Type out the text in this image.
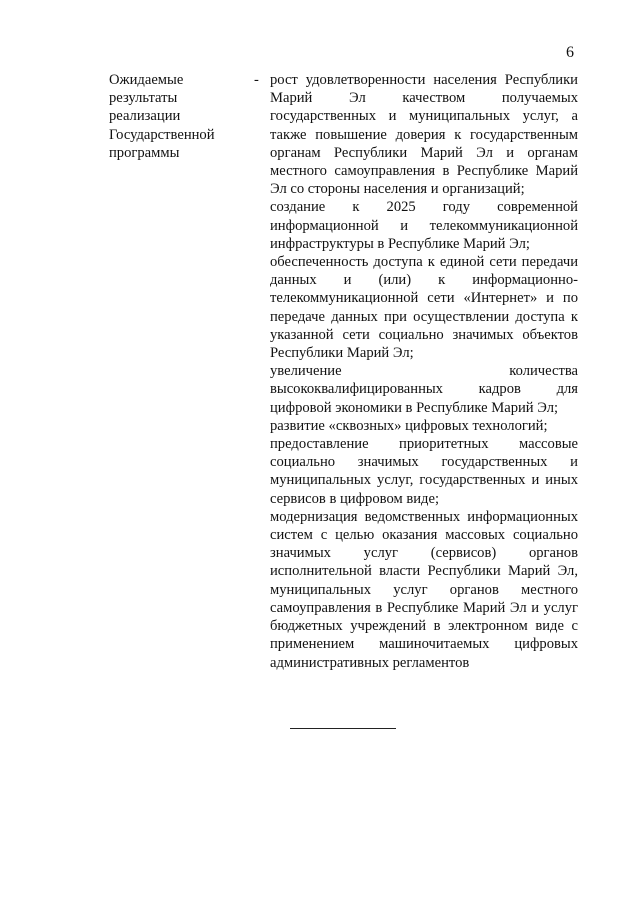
6
Ожидаемые
результаты
реализации
Государственной
программы
- рост удовлетворенности населения Республики Марий Эл качеством получаемых государственных и муниципальных услуг, а также повышение доверия к государственным органам Республики Марий Эл и органам местного самоуправления в Республике Марий Эл со стороны населения и организаций;

создание к 2025 году современной информационной и телекоммуникационной инфраструктуры в Республике Марий Эл;

обеспеченность доступа к единой сети передачи данных и (или) к информационно-телекоммуникационной сети «Интернет» и по передаче данных при осуществлении доступа к указанной сети социально значимых объектов Республики Марий Эл;

увеличение количества высококвалифицированных кадров для цифровой экономики в Республике Марий Эл;

развитие «сквозных» цифровых технологий;

предоставление приоритетных массовые социально значимых государственных и муниципальных услуг, государственных и иных сервисов в цифровом виде;

модернизация ведомственных информационных систем с целью оказания массовых социально значимых услуг (сервисов) органов исполнительной власти Республики Марий Эл, муниципальных услуг органов местного самоуправления в Республике Марий Эл и услуг бюджетных учреждений в электронном виде с применением машиночитаемых цифровых административных регламентов
